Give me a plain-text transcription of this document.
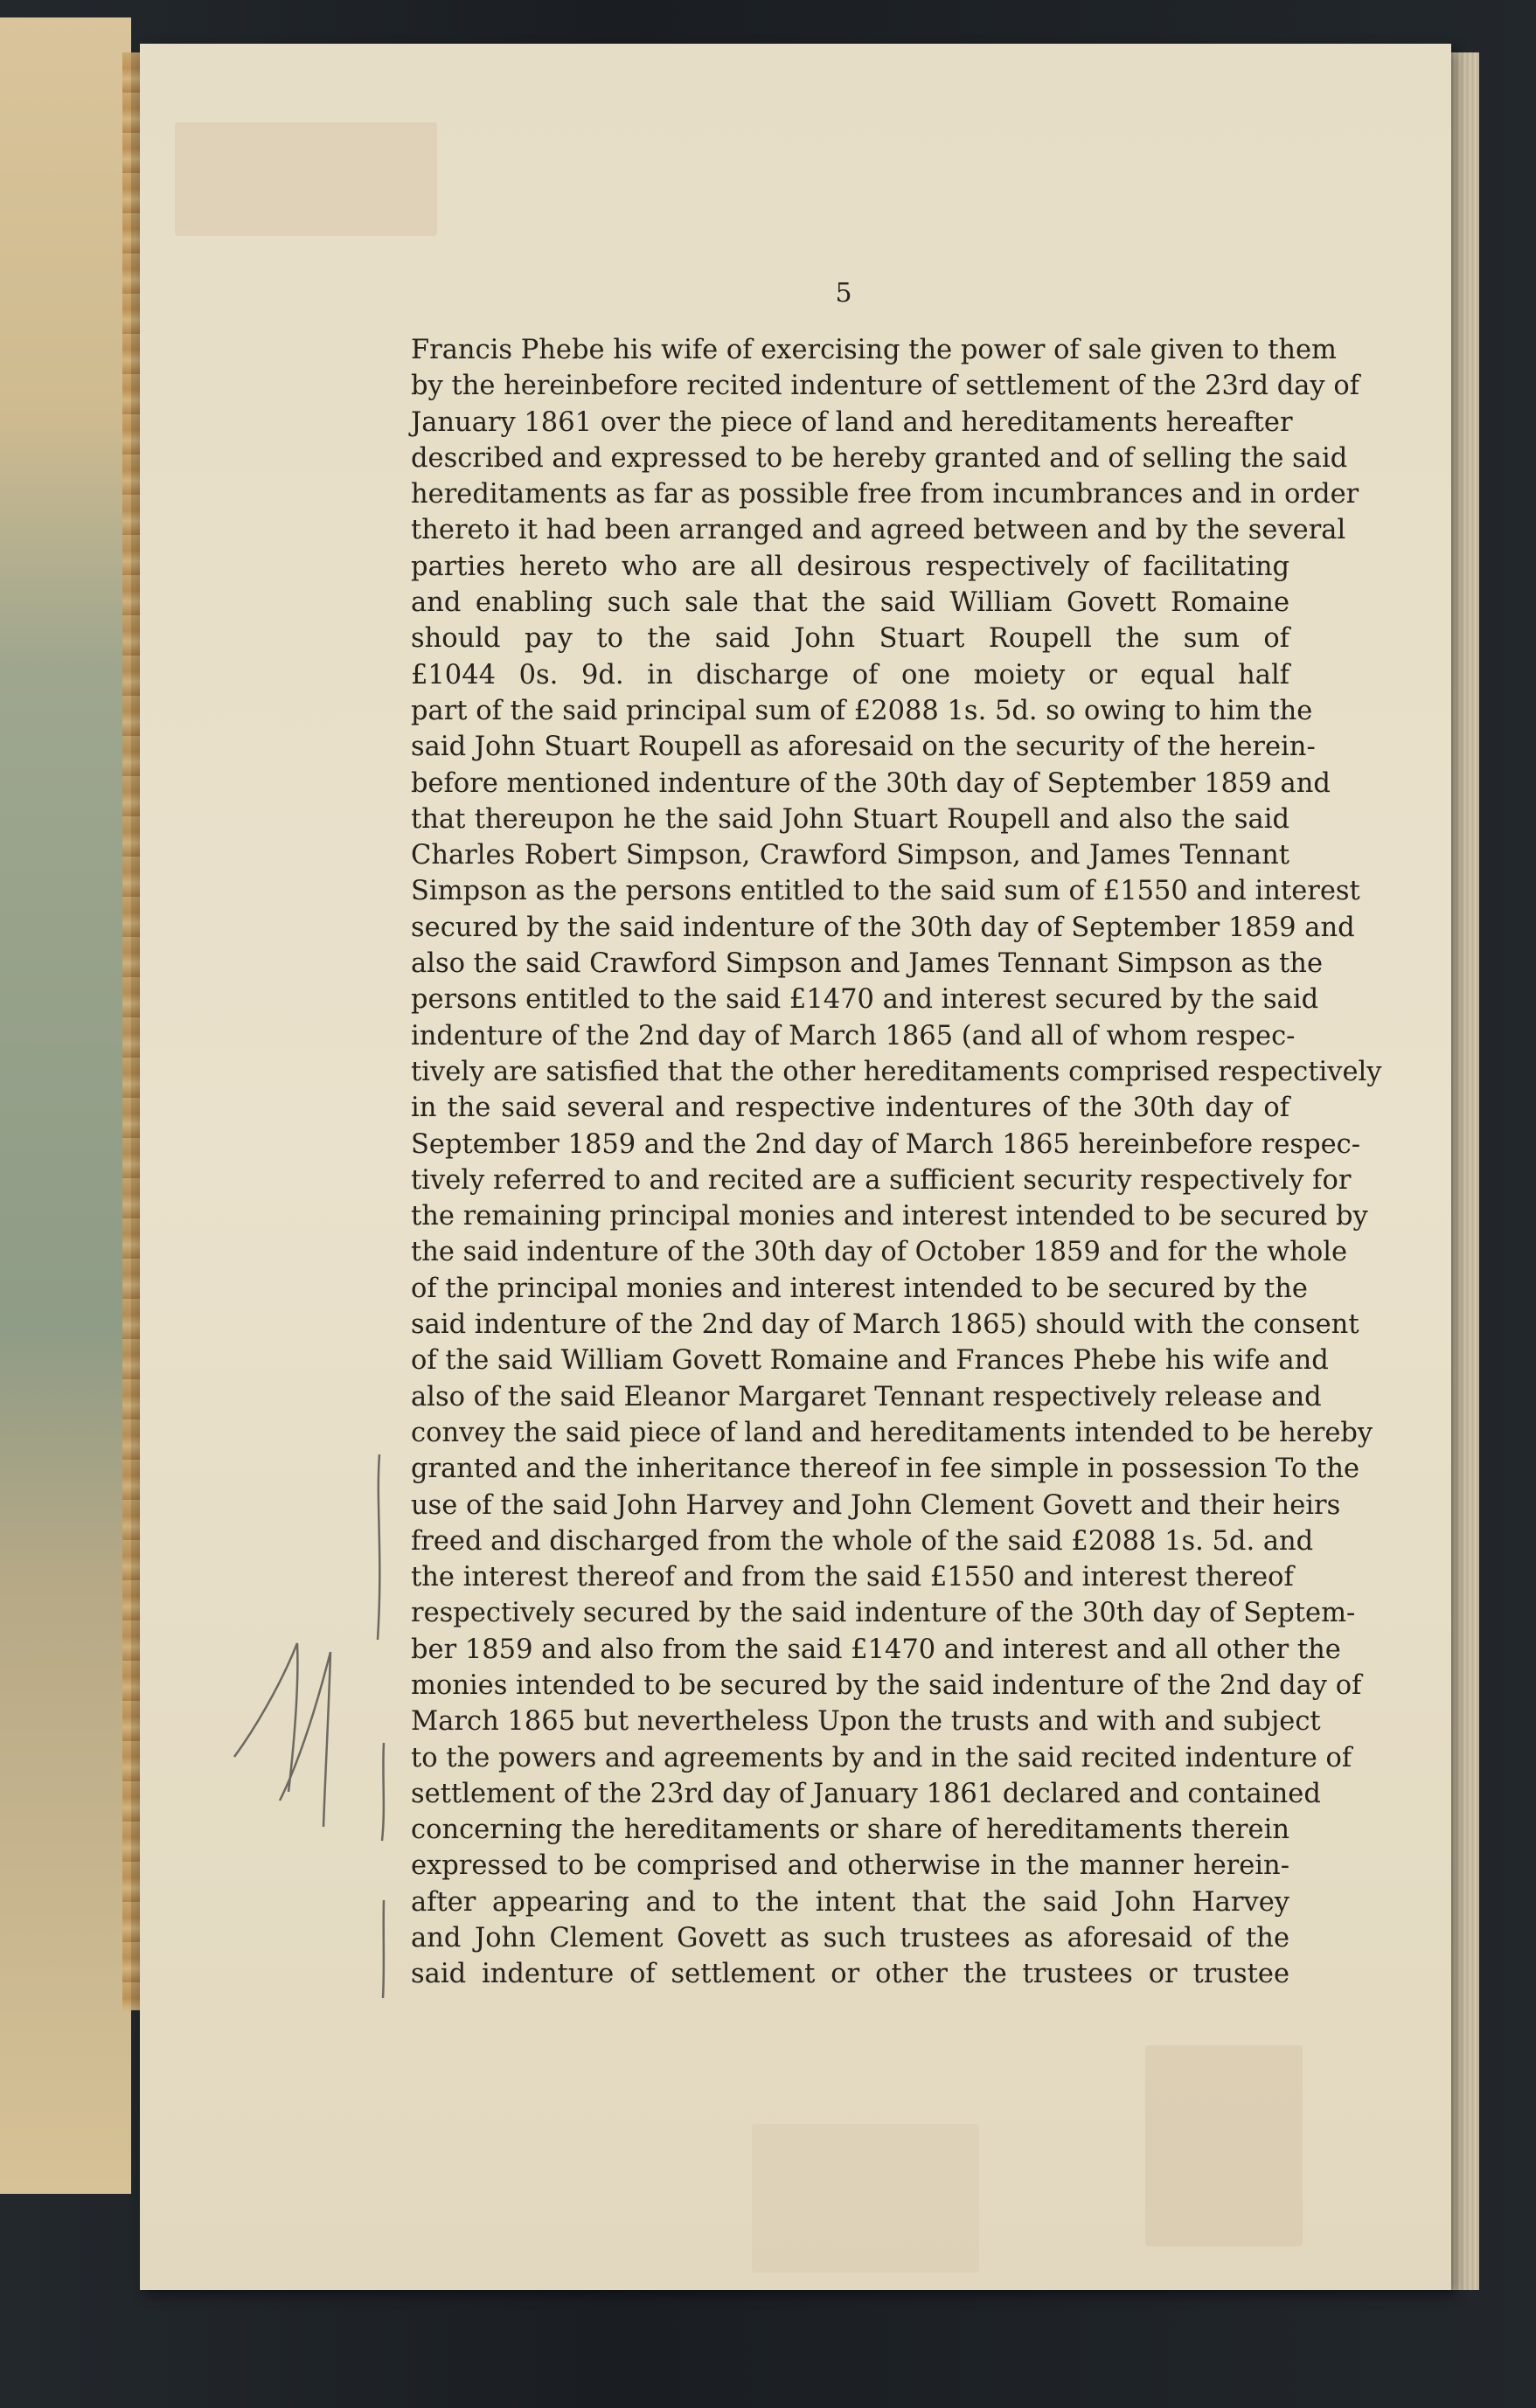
5
Francis Phebe his wife of exercising the power of sale given to them
by the hereinbefore recited indenture of settlement of the 23rd day of
January 1861 over the piece of land and hereditaments hereafter
described and expressed to be hereby granted and of selling the said
hereditaments as far as possible free from incumbrances and in order
thereto it had been arranged and agreed between and by the several
parties hereto who are all desirous respectively of facilitating
and enabling such sale that the said William Govett Romaine
should pay to the said John Stuart Roupell the sum of
£1044 0s. 9d. in discharge of one moiety or equal half
part of the said principal sum of £2088 1s. 5d. so owing to him the
said John Stuart Roupell as aforesaid on the security of the herein-
before mentioned indenture of the 30th day of September 1859 and
that thereupon he the said John Stuart Roupell and also the said
Charles Robert Simpson, Crawford Simpson, and James Tennant
Simpson as the persons entitled to the said sum of £1550 and interest
secured by the said indenture of the 30th day of September 1859 and
also the said Crawford Simpson and James Tennant Simpson as the
persons entitled to the said £1470 and interest secured by the said
indenture of the 2nd day of March 1865 (and all of whom respec-
tively are satisfied that the other hereditaments comprised respectively
in the said several and respective indentures of the 30th day of
September 1859 and the 2nd day of March 1865 hereinbefore respec-
tively referred to and recited are a sufficient security respectively for
the remaining principal monies and interest intended to be secured by
the said indenture of the 30th day of October 1859 and for the whole
of the principal monies and interest intended to be secured by the
said indenture of the 2nd day of March 1865) should with the consent
of the said William Govett Romaine and Frances Phebe his wife and
also of the said Eleanor Margaret Tennant respectively release and
convey the said piece of land and hereditaments intended to be hereby
granted and the inheritance thereof in fee simple in possession To the
use of the said John Harvey and John Clement Govett and their heirs
freed and discharged from the whole of the said £2088 1s. 5d. and
the interest thereof and from the said £1550 and interest thereof
respectively secured by the said indenture of the 30th day of Septem-
ber 1859 and also from the said £1470 and interest and all other the
monies intended to be secured by the said indenture of the 2nd day of
March 1865 but nevertheless Upon the trusts and with and subject
to the powers and agreements by and in the said recited indenture of
settlement of the 23rd day of January 1861 declared and contained
concerning the hereditaments or share of hereditaments therein
expressed to be comprised and otherwise in the manner herein-
after appearing and to the intent that the said John Harvey
and John Clement Govett as such trustees as aforesaid of the
said indenture of settlement or other the trustees or trustee
